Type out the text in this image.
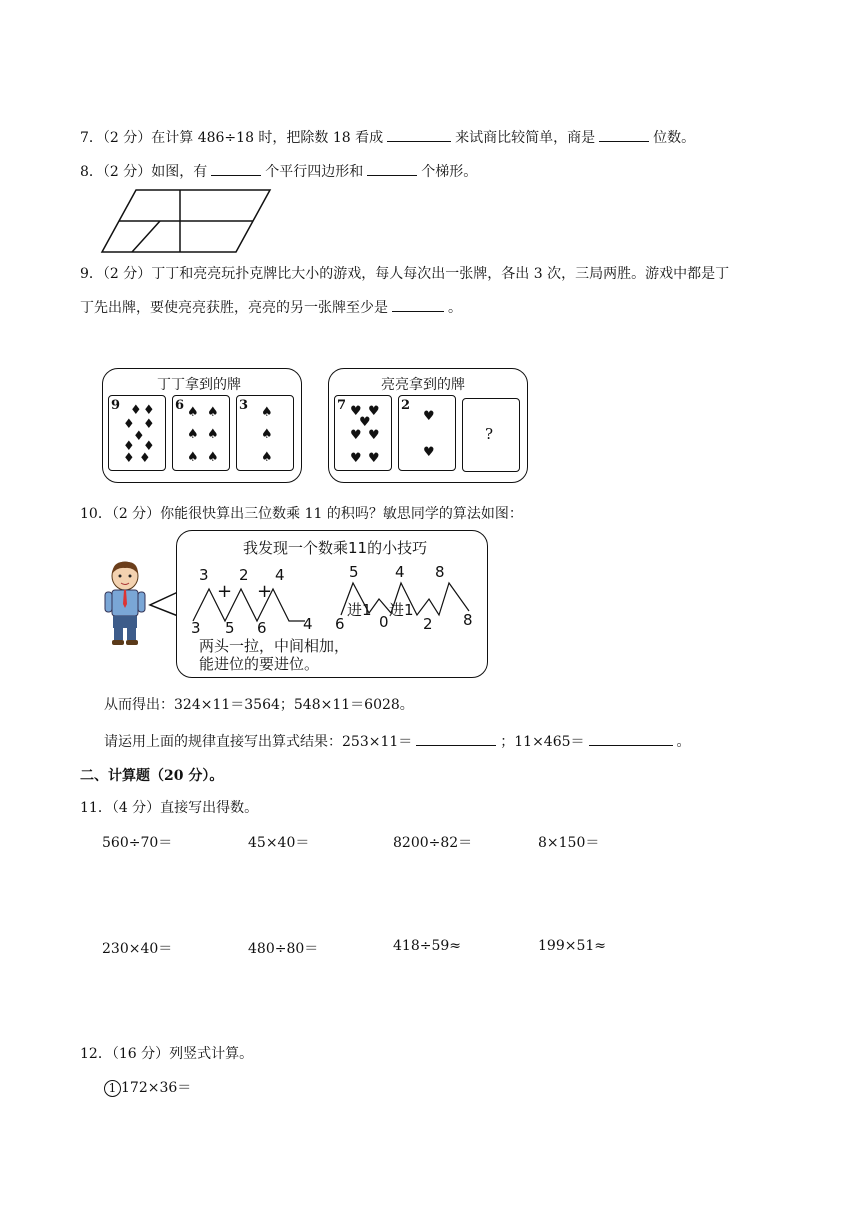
7．（2 分）在计算 486÷18 时，把除数 18 看成	来试商比较简单，商是	位数。
8．（2 分）如图，有	个平行四边形和	个梯形。
9．（2 分）丁丁和亮亮玩扑克牌比大小的游戏，每人每次出一张牌，各出 3 次，三局两胜。游戏中都是丁
丁先出牌，要使亮亮获胜，亮亮的另一张牌至少是	。
丁丁拿到的牌
9 ♦ ♦
♦ ♦
♦
♦ ♦
♦ ♦
6 ♠ ♠
♠ ♠
♠ ♠
3 ♠
♠
♠
亮亮拿到的牌
7 ♥ ♥
♥
♥ ♥
♥ ♥
2
♥
♥
?
10．（2 分）你能很快算出三位数乘 11 的积吗？敏思同学的算法如图：
我发现一个数乘11的小技巧
3 2 4
+ +
3 5 6 4
5 4 8
进1 进1
6 0 2 8
两头一拉，中间相加，
能进位的要进位。
从而得出：324×11＝3564；548×11＝6028。
请运用上面的规律直接写出算式结果：253×11＝	；11×465＝	。
二、计算题（20 分）。
11．（4 分）直接写出得数。
560÷70＝	45×40＝	8200÷82＝	8×150＝
230×40＝	480÷80＝	418÷59≈	199×51≈
12．（16 分）列竖式计算。
1 172×36＝
